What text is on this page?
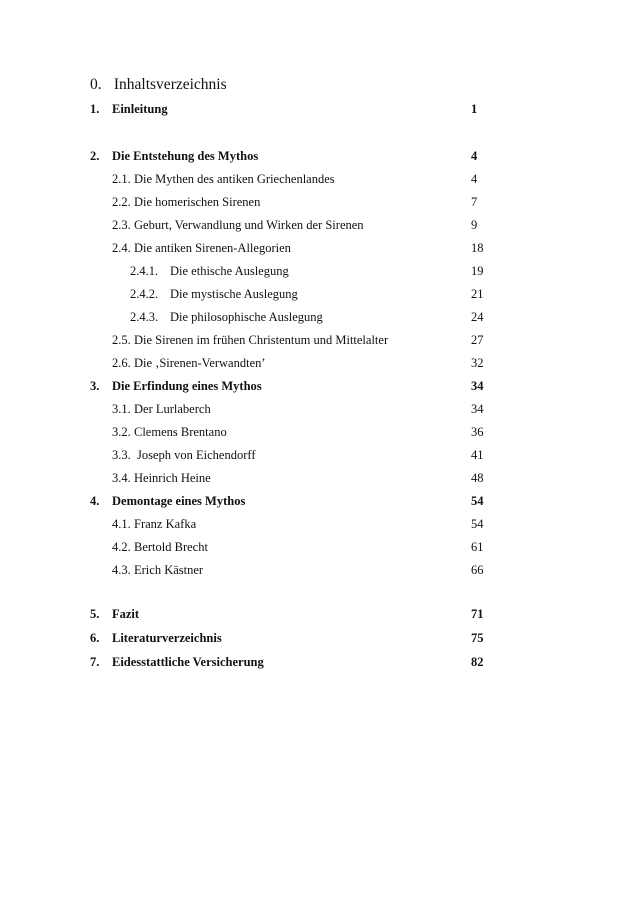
0. Inhaltsverzeichnis
1. Einleitung	1
2. Die Entstehung des Mythos	4
2.1. Die Mythen des antiken Griechenlandes	4
2.2. Die homerischen Sirenen	7
2.3. Geburt, Verwandlung und Wirken der Sirenen	9
2.4. Die antiken Sirenen-Allegorien	18
2.4.1. Die ethische Auslegung	19
2.4.2. Die mystische Auslegung	21
2.4.3. Die philosophische Auslegung	24
2.5. Die Sirenen im frühen Christentum und Mittelalter	27
2.6. Die ‚Sirenen-Verwandten’	32
3. Die Erfindung eines Mythos	34
3.1. Der Lurlaberch	34
3.2. Clemens Brentano	36
3.3. Joseph von Eichendorff	41
3.4. Heinrich Heine	48
4. Demontage eines Mythos	54
4.1. Franz Kafka	54
4.2. Bertold Brecht	61
4.3. Erich Kästner	66
5. Fazit	71
6. Literaturverzeichnis	75
7. Eidesstattliche Versicherung	82
